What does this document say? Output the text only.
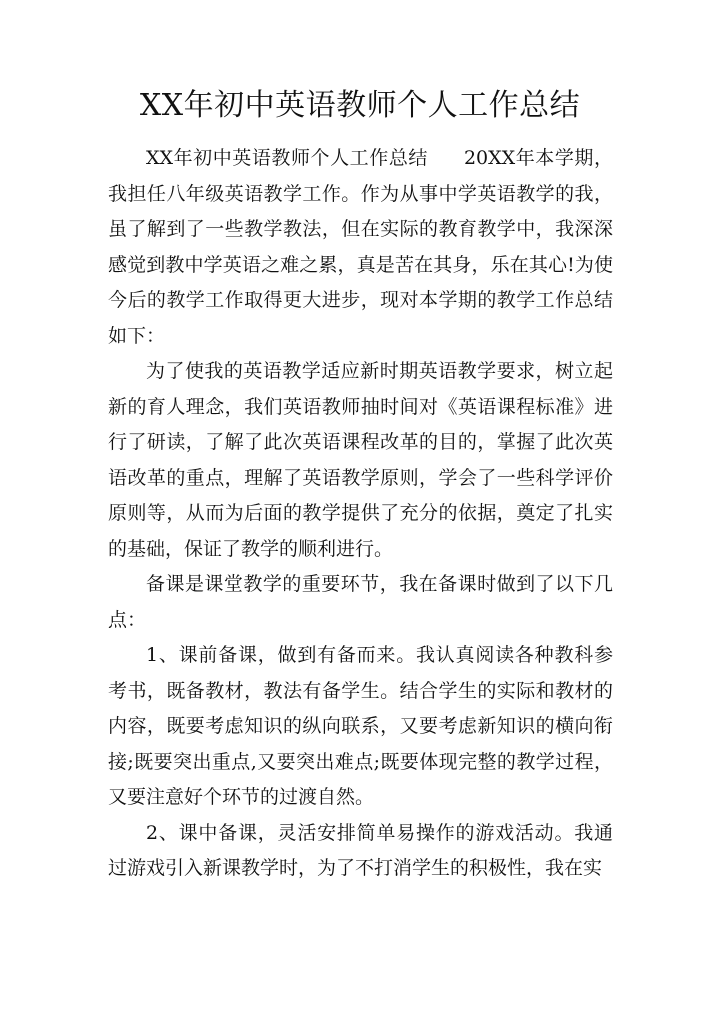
XX年初中英语教师个人工作总结

XX年初中英语教师个人工作总结 20XX年本学期，我担任八年级英语教学工作。作为从事中学英语教学的我，虽了解到了一些教学教法，但在实际的教育教学中，我深深感觉到教中学英语之难之累，真是苦在其身，乐在其心!为使今后的教学工作取得更大进步，现对本学期的教学工作总结如下：

为了使我的英语教学适应新时期英语教学要求，树立起新的育人理念，我们英语教师抽时间对《英语课程标准》进行了研读，了解了此次英语课程改革的目的，掌握了此次英语改革的重点，理解了英语教学原则，学会了一些科学评价原则等，从而为后面的教学提供了充分的依据，奠定了扎实的基础，保证了教学的顺利进行。

备课是课堂教学的重要环节，我在备课时做到了以下几点：

1、课前备课，做到有备而来。我认真阅读各种教科参考书，既备教材，教法有备学生。结合学生的实际和教材的内容，既要考虑知识的纵向联系，又要考虑新知识的横向衔接;既要突出重点,又要突出难点;既要体现完整的教学过程，又要注意好个环节的过渡自然。

2、课中备课，灵活安排简单易操作的游戏活动。我通过游戏引入新课教学时，为了不打消学生的积极性，我在实
